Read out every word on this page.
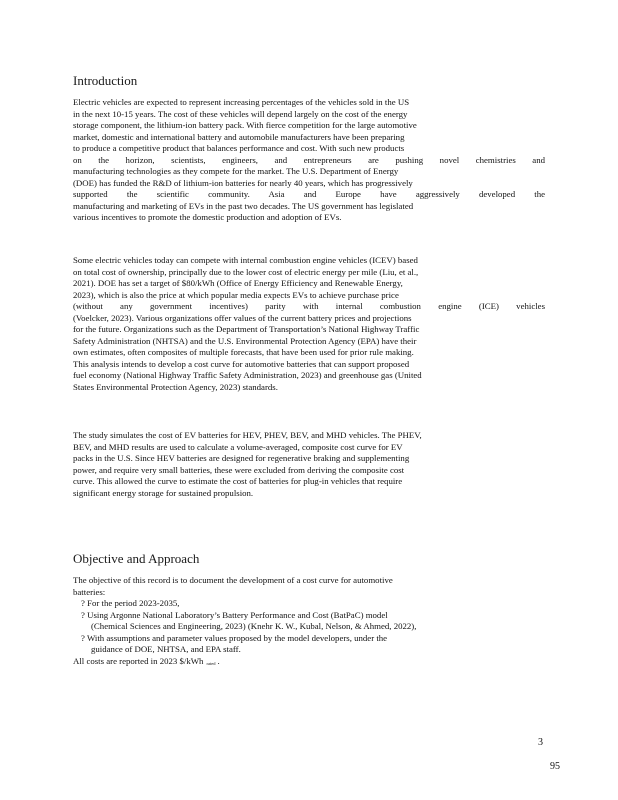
Introduction
Electric vehicles are expected to represent increasing percentages of the vehicles sold in the US
in the next 10-15 years. The cost of these vehicles will depend largely on the cost of the energy
storage component, the lithium-ion battery pack. With fierce competition for the large automotive
market, domestic and international battery and automobile manufacturers have been preparing
to produce a competitive product that balances performance and cost. With such new products
on the horizon, scientists, engineers, and entrepreneurs are pushing novel chemistries and
manufacturing technologies as they compete for the market. The U.S. Department of Energy
(DOE) has funded the R&D of lithium-ion batteries for nearly 40 years, which has progressively
supported the scientific community. Asia and Europe have aggressively developed the
manufacturing and marketing of EVs in the past two decades. The US government has legislated
various incentives to promote the domestic production and adoption of EVs.
Some electric vehicles today can compete with internal combustion engine vehicles (ICEV) based
on total cost of ownership, principally due to the lower cost of electric energy per mile (Liu, et al.,
2021). DOE has set a target of $80/kWh (Office of Energy Efficiency and Renewable Energy,
2023), which is also the price at which popular media expects EVs to achieve purchase price
(without any government incentives) parity with internal combustion engine (ICE) vehicles
(Voelcker, 2023). Various organizations offer values of the current battery prices and projections
for the future. Organizations such as the Department of Transportation’s National Highway Traffic
Safety Administration (NHTSA) and the U.S. Environmental Protection Agency (EPA) have their
own estimates, often composites of multiple forecasts, that have been used for prior rule making.
This analysis intends to develop a cost curve for automotive batteries that can support proposed
fuel economy (National Highway Traffic Safety Administration, 2023) and greenhouse gas (United
States Environmental Protection Agency, 2023) standards.
The study simulates the cost of EV batteries for HEV, PHEV, BEV, and MHD vehicles. The PHEV,
BEV, and MHD results are used to calculate a volume-averaged, composite cost curve for EV
packs in the U.S. Since HEV batteries are designed for regenerative braking and supplementing
power, and require very small batteries, these were excluded from deriving the composite cost
curve. This allowed the curve to estimate the cost of batteries for plug-in vehicles that require
significant energy storage for sustained propulsion.
Objective and Approach
The objective of this record is to document the development of a cost curve for automotive
batteries:
? For the period 2023-2035,
? Using Argonne National Laboratory’s Battery Performance and Cost (BatPaC) model
(Chemical Sciences and Engineering, 2023) (Knehr K. W., Kubal, Nelson, & Ahmed, 2022),
? With assumptions and parameter values proposed by the model developers, under the
guidance of DOE, NHTSA, and EPA staff.
All costs are reported in 2023 $/kWh $_{rated}$ .
3
95
